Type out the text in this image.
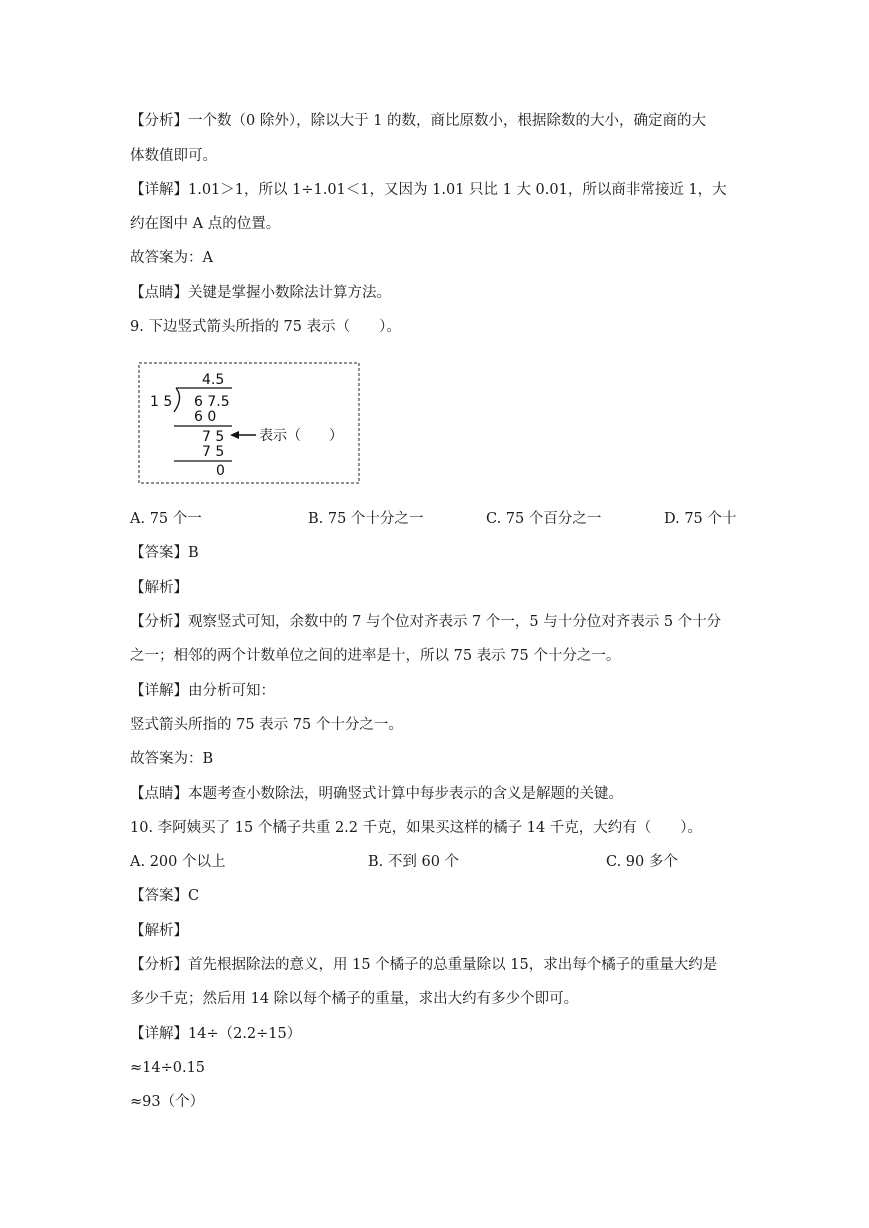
【分析】一个数（0 除外），除以大于 1 的数，商比原数小，根据除数的大小，确定商的大
体数值即可。
【详解】1.01＞1，所以 1÷1.01＜1，又因为 1.01 只比 1 大 0.01，所以商非常接近 1，大
约在图中 A 点的位置。
故答案为：A
【点睛】关键是掌握小数除法计算方法。
9. 下边竖式箭头所指的 75 表示（　　）。
4.5
1 5 6 7.5
6 0
7 5 表示（　　）
7 5
0
A. 75 个一	B. 75 个十分之一	C. 75 个百分之一	D. 75 个十
【答案】B
【解析】
【分析】观察竖式可知，余数中的 7 与个位对齐表示 7 个一，5 与十分位对齐表示 5 个十分
之一；相邻的两个计数单位之间的进率是十，所以 75 表示 75 个十分之一。
【详解】由分析可知：
竖式箭头所指的 75 表示 75 个十分之一。
故答案为：B
【点睛】本题考查小数除法，明确竖式计算中每步表示的含义是解题的关键。
10. 李阿姨买了 15 个橘子共重 2.2 千克，如果买这样的橘子 14 千克，大约有（　　）。
A. 200 个以上	B. 不到 60 个	C. 90 多个
【答案】C
【解析】
【分析】首先根据除法的意义，用 15 个橘子的总重量除以 15，求出每个橘子的重量大约是
多少千克；然后用 14 除以每个橘子的重量，求出大约有多少个即可。
【详解】14÷（2.2÷15）
≈14÷0.15
≈93（个）
